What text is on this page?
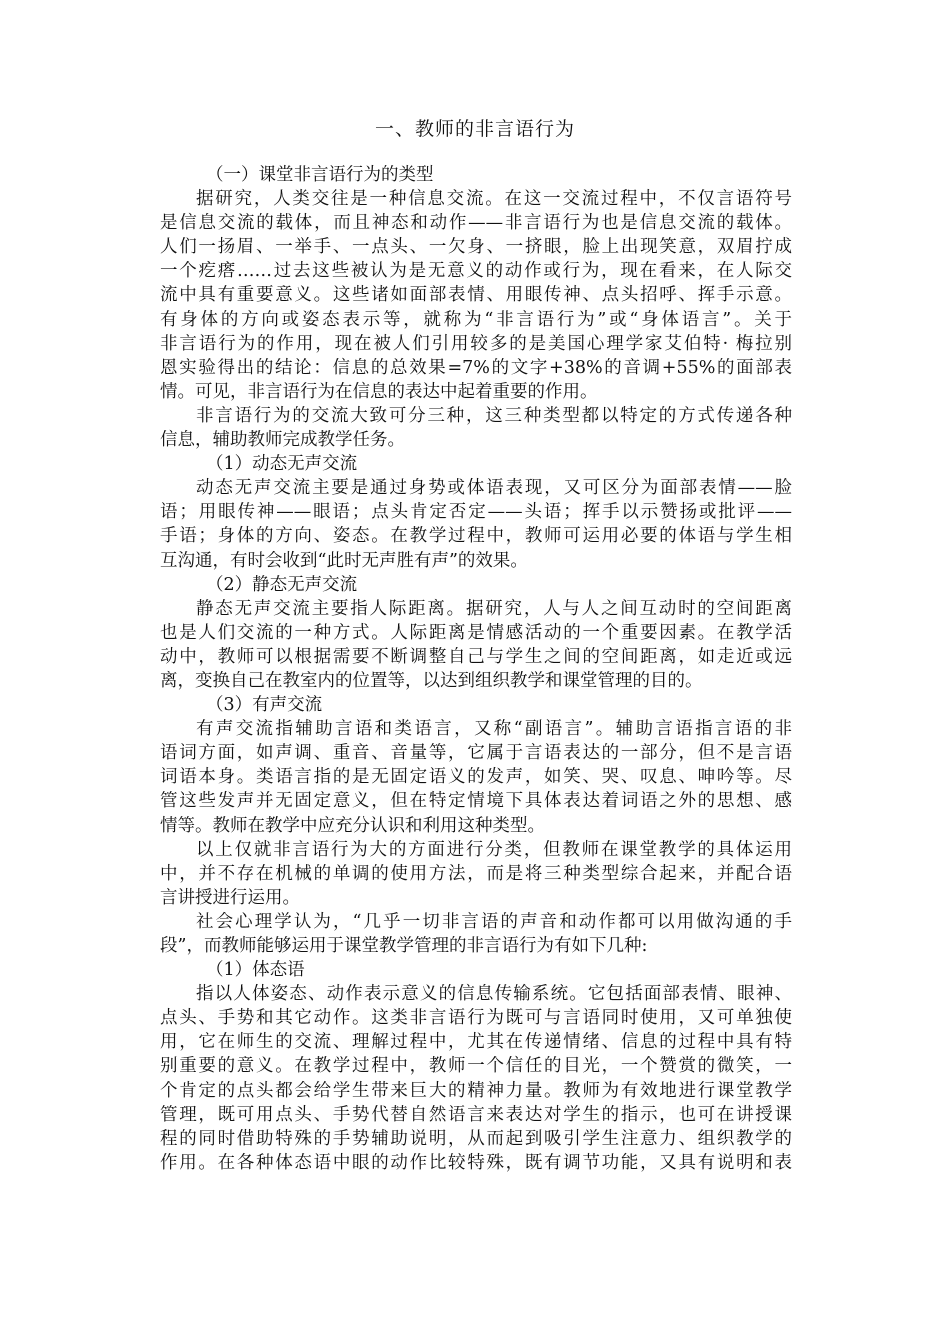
一、教师的非言语行为
（一）课堂非言语行为的类型
据研究，人类交往是一种信息交流。在这一交流过程中，不仅言语符号
是信息交流的载体，而且神态和动作——非言语行为也是信息交流的载体。
人们一扬眉、一举手、一点头、一欠身、一挤眼，脸上出现笑意，双眉拧成
一个疙瘩……过去这些被认为是无意义的动作或行为，现在看来，在人际交
流中具有重要意义。这些诸如面部表情、用眼传神、点头招呼、挥手示意。
有身体的方向或姿态表示等，就称为“非言语行为”或“身体语言”。关于
非言语行为的作用，现在被人们引用较多的是美国心理学家艾伯特· 梅拉别
恩实验得出的结论：信息的总效果=7%的文字+38%的音调+55%的面部表
情。可见，非言语行为在信息的表达中起着重要的作用。
非言语行为的交流大致可分三种，这三种类型都以特定的方式传递各种
信息，辅助教师完成教学任务。
（1）动态无声交流
动态无声交流主要是通过身势或体语表现，又可区分为面部表情——脸
语；用眼传神——眼语；点头肯定否定——头语；挥手以示赞扬或批评——
手语；身体的方向、姿态。在教学过程中，教师可运用必要的体语与学生相
互沟通，有时会收到“此时无声胜有声”的效果。
（2）静态无声交流
静态无声交流主要指人际距离。据研究，人与人之间互动时的空间距离
也是人们交流的一种方式。人际距离是情感活动的一个重要因素。在教学活
动中，教师可以根据需要不断调整自己与学生之间的空间距离，如走近或远
离，变换自己在教室内的位置等，以达到组织教学和课堂管理的目的。
（3）有声交流
有声交流指辅助言语和类语言，又称“副语言”。辅助言语指言语的非
语词方面，如声调、重音、音量等，它属于言语表达的一部分，但不是言语
词语本身。类语言指的是无固定语义的发声，如笑、哭、叹息、呻吟等。尽
管这些发声并无固定意义，但在特定情境下具体表达着词语之外的思想、感
情等。教师在教学中应充分认识和利用这种类型。
以上仅就非言语行为大的方面进行分类，但教师在课堂教学的具体运用
中，并不存在机械的单调的使用方法，而是将三种类型综合起来，并配合语
言讲授进行运用。
社会心理学认为，“几乎一切非言语的声音和动作都可以用做沟通的手
段”，而教师能够运用于课堂教学管理的非言语行为有如下几种:
（1）体态语
指以人体姿态、动作表示意义的信息传输系统。它包括面部表情、眼神、
点头、手势和其它动作。这类非言语行为既可与言语同时使用，又可单独使
用，它在师生的交流、理解过程中，尤其在传递情绪、信息的过程中具有特
别重要的意义。在教学过程中，教师一个信任的目光，一个赞赏的微笑，一
个肯定的点头都会给学生带来巨大的精神力量。教师为有效地进行课堂教学
管理，既可用点头、手势代替自然语言来表达对学生的指示，也可在讲授课
程的同时借助特殊的手势辅助说明，从而起到吸引学生注意力、组织教学的
作用。在各种体态语中眼的动作比较特殊，既有调节功能，又具有说明和表
